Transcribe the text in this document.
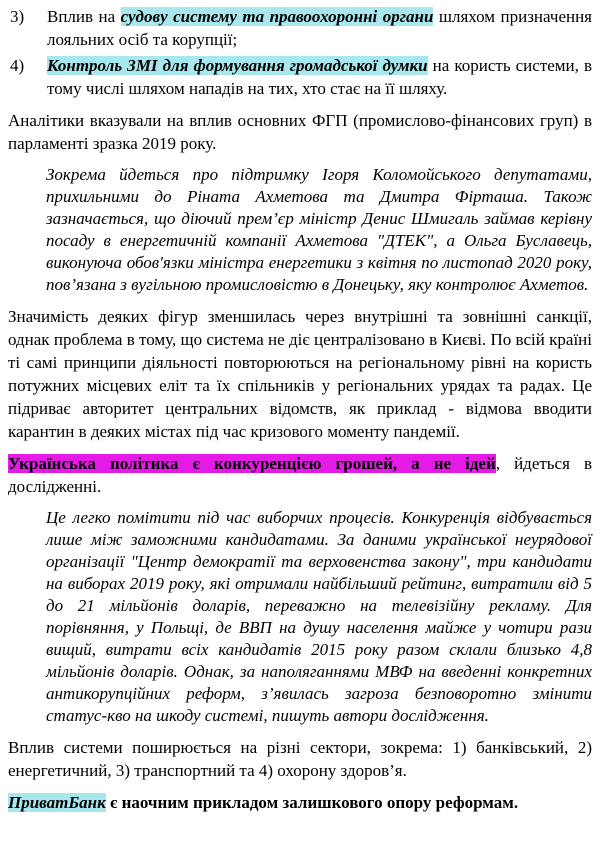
3)	Вплив на судову систему та правоохоронні органи шляхом призначення лояльних осіб та корупції;
4)	Контроль ЗМІ для формування громадської думки на користь системи, в тому числі шляхом нападів на тих, хто стає на її шляху.

Аналітики вказували на вплив основних ФГП (промислово-фінансових груп) в парламенті зразка 2019 року.

Зокрема йдеться про підтримку Ігоря Коломойського депутатами, прихильними до Ріната Ахметова та Дмитра Фірташа. Також зазначається, що діючий прем’єр міністр Денис Шмигаль займав керівну посаду в енергетичній компанії Ахметова "ДТЕК", а Ольга Буславець, виконуюча обов'язки міністра енергетики з квітня по листопад 2020 року, пов’язана з вугільною промисловістю в Донецьку, яку контролює Ахметов.

Значимість деяких фігур зменшилась через внутрішні та зовнішні санкції, однак проблема в тому, що система не діє централізовано в Києві. По всій країні ті самі принципи діяльності повторюються на регіональному рівні на користь потужних місцевих еліт та їх спільників у регіональних урядах та радах. Це підриває авторитет центральних відомств, як приклад - відмова вводити карантин в деяких містах під час кризового моменту пандемії.

Українська політика є конкуренцією грошей, а не ідей, йдеться в дослідженні.

Це легко помітити під час виборчих процесів. Конкуренція відбувається лише між заможними кандидатами. За даними української неурядової організації "Центр демократії та верховенства закону", три кандидати на виборах 2019 року, які отримали найбільший рейтинг, витратили від 5 до 21 мільйонів доларів, переважно на телевізійну рекламу. Для порівняння, у Польщі, де ВВП на душу населення майже у чотири рази вищий, витрати всіх кандидатів 2015 року разом склали близько 4,8 мільйонів доларів. Однак, за наполяганнями МВФ на введенні конкретних антикорупційних реформ, з’явилась загроза безповоротно змінити статус-кво на шкоду системі, пишуть автори дослідження.

Вплив системи поширюється на різні сектори, зокрема: 1) банківський, 2) енергетичний, 3) транспортний та 4) охорону здоров’я.

ПриватБанк є наочним прикладом залишкового опору реформам.
